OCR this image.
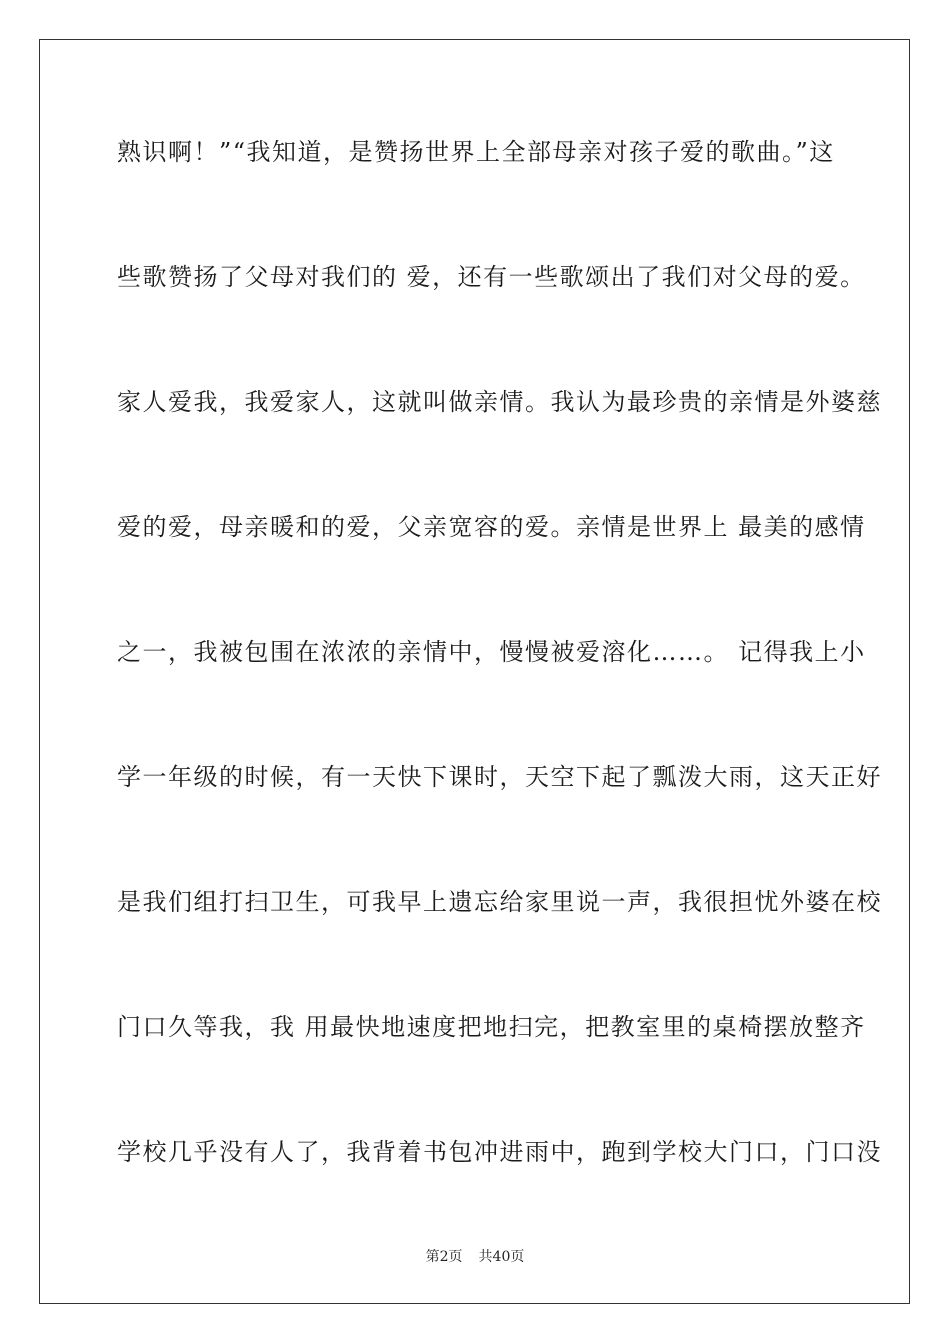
熟识啊！”“我知道，是赞扬世界上全部母亲对孩子爱的歌曲。”这
些歌赞扬了父母对我们的 爱，还有一些歌颂出了我们对父母的爱。
家人爱我，我爱家人，这就叫做亲情。我认为最珍贵的亲情是外婆慈
爱的爱，母亲暖和的爱，父亲宽容的爱。亲情是世界上 最美的感情
之一，我被包围在浓浓的亲情中，慢慢被爱溶化……。 记得我上小
学一年级的时候，有一天快下课时，天空下起了瓢泼大雨，这天正好
是我们组打扫卫生，可我早上遗忘给家里说一声，我很担忧外婆在校
门口久等我，我 用最快地速度把地扫完，把教室里的桌椅摆放整齐
学校几乎没有人了，我背着书包冲进雨中，跑到学校大门口，门口没
第2页 共40页
